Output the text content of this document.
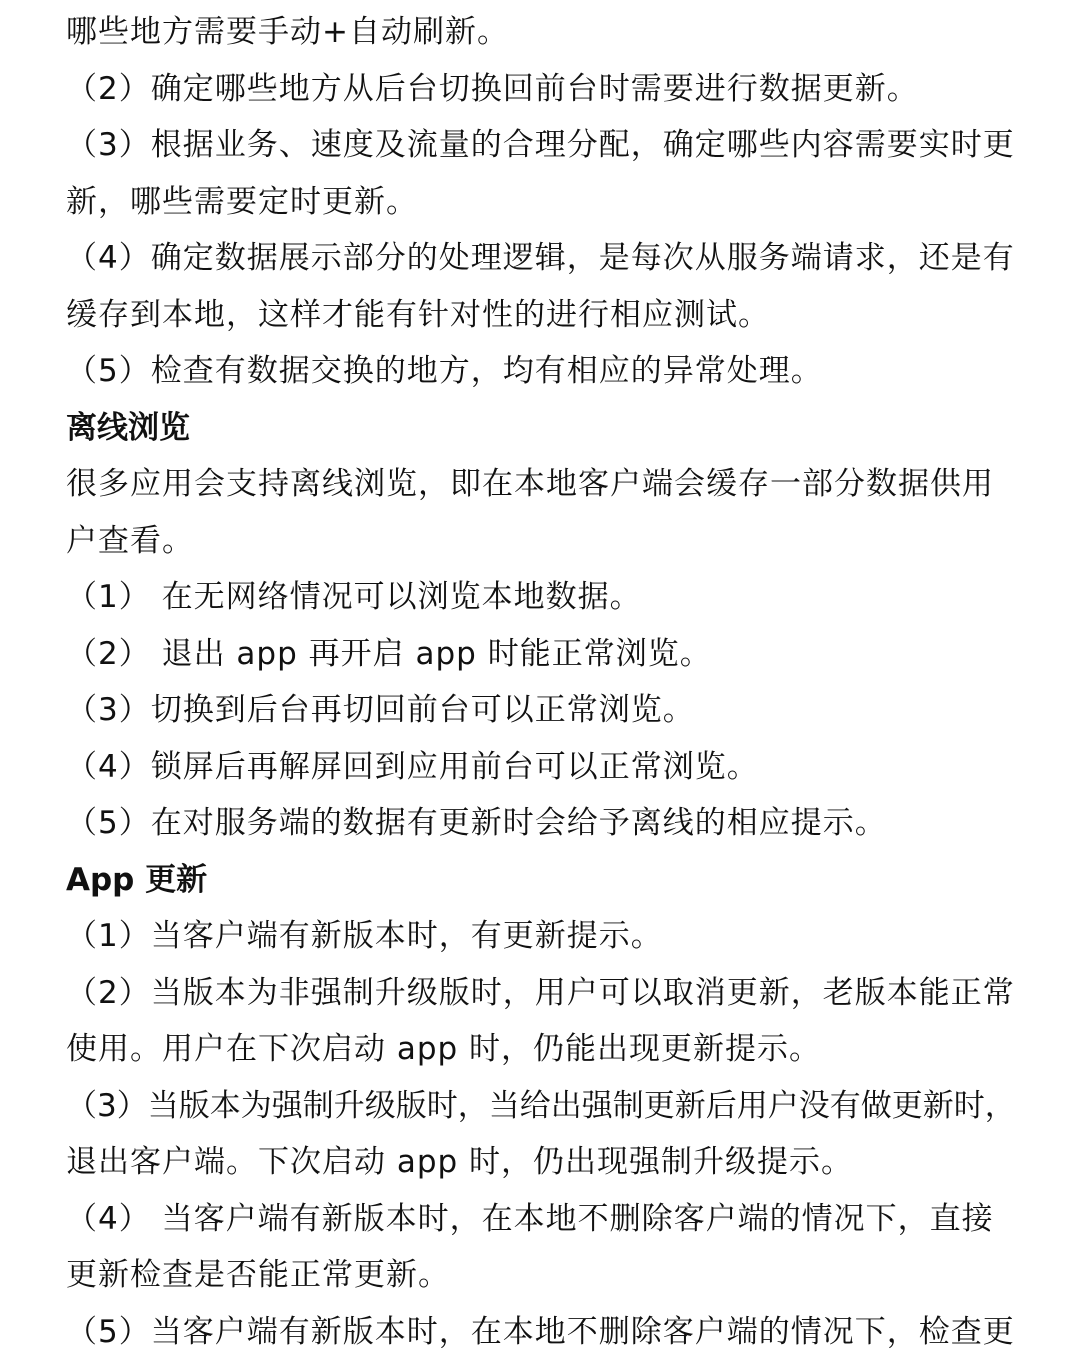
哪些地方需要手动+自动刷新。
（2）确定哪些地方从后台切换回前台时需要进行数据更新。
（3）根据业务、速度及流量的合理分配，确定哪些内容需要实时更
新，哪些需要定时更新。
（4）确定数据展示部分的处理逻辑，是每次从服务端请求，还是有
缓存到本地，这样才能有针对性的进行相应测试。
（5）检查有数据交换的地方，均有相应的异常处理。
离线浏览
很多应用会支持离线浏览，即在本地客户端会缓存一部分数据供用
户查看。
（1） 在无网络情况可以浏览本地数据。
（2） 退出 app 再开启 app 时能正常浏览。
（3）切换到后台再切回前台可以正常浏览。
（4）锁屏后再解屏回到应用前台可以正常浏览。
（5）在对服务端的数据有更新时会给予离线的相应提示。
App 更新
（1）当客户端有新版本时，有更新提示。
（2）当版本为非强制升级版时，用户可以取消更新，老版本能正常
使用。用户在下次启动 app 时，仍能出现更新提示。
（3）当版本为强制升级版时，当给出强制更新后用户没有做更新时，
退出客户端。下次启动 app 时，仍出现强制升级提示。
（4） 当客户端有新版本时，在本地不删除客户端的情况下，直接
更新检查是否能正常更新。
（5）当客户端有新版本时，在本地不删除客户端的情况下，检查更
